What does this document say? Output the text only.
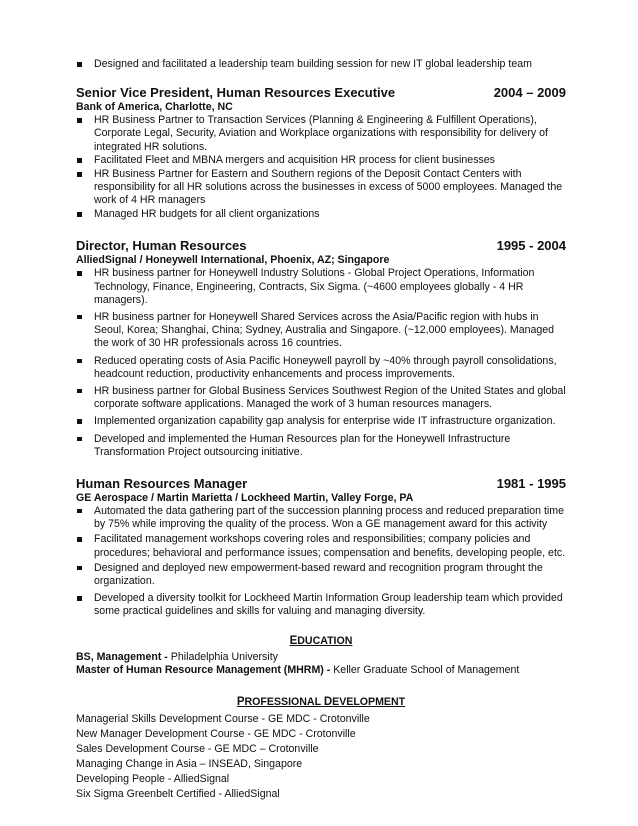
Designed and facilitated a leadership team building session for new IT global leadership team
Senior Vice President, Human Resources Executive	2004 – 2009
Bank of America, Charlotte, NC
HR Business Partner to Transaction Services (Planning & Engineering & Fulfillent Operations), Corporate Legal, Security, Aviation and Workplace organizations with responsibility for delivery of integrated HR solutions.
Facilitated Fleet and MBNA mergers and acquisition HR process for client businesses
HR Business Partner for Eastern and Southern regions of the Deposit Contact Centers with responsibility for all HR solutions across the businesses in excess of 5000 employees. Managed the work of 4 HR managers
Managed HR budgets for all client organizations
Director, Human Resources	1995 - 2004
AlliedSignal / Honeywell International, Phoenix, AZ; Singapore
HR business partner for Honeywell Industry Solutions - Global Project Operations, Information Technology, Finance, Engineering, Contracts, Six Sigma. (~4600 employees globally - 4 HR managers).
HR business partner for Honeywell Shared Services across the Asia/Pacific region with hubs in Seoul, Korea; Shanghai, China; Sydney, Australia and Singapore. (~12,000 employees). Managed the work of 30 HR professionals across 16 countries.
Reduced operating costs of Asia Pacific Honeywell payroll by ~40% through payroll consolidations, headcount reduction, productivity enhancements and process improvements.
HR business partner for Global Business Services Southwest Region of the United States and global corporate software applications. Managed the work of 3 human resources managers.
Implemented organization capability gap analysis for enterprise wide IT infrastructure organization.
Developed and implemented the Human Resources plan for the Honeywell Infrastructure Transformation Project outsourcing initiative.
Human Resources Manager	1981 - 1995
GE Aerospace / Martin Marietta / Lockheed Martin, Valley Forge, PA
Automated the data gathering part of the succession planning process and reduced preparation time by 75% while improving the quality of the process. Won a GE management award for this activity
Facilitated management workshops covering roles and responsibilities; company policies and procedures; behavioral and performance issues; compensation and benefits, developing people, etc.
Designed and deployed new empowerment-based reward and recognition program throught the organization.
Developed a diversity toolkit for Lockheed Martin Information Group leadership team which provided some practical guidelines and skills for valuing and managing diversity.
EDUCATION
BS, Management - Philadelphia University
Master of Human Resource Management (MHRM) - Keller Graduate School of Management
PROFESSIONAL DEVELOPMENT
Managerial Skills Development Course - GE MDC - Crotonville
New Manager Development Course - GE MDC - Crotonville
Sales Development Course - GE MDC – Crotonville
Managing Change in Asia – INSEAD, Singapore
Developing People - AlliedSignal
Six Sigma Greenbelt Certified - AlliedSignal
